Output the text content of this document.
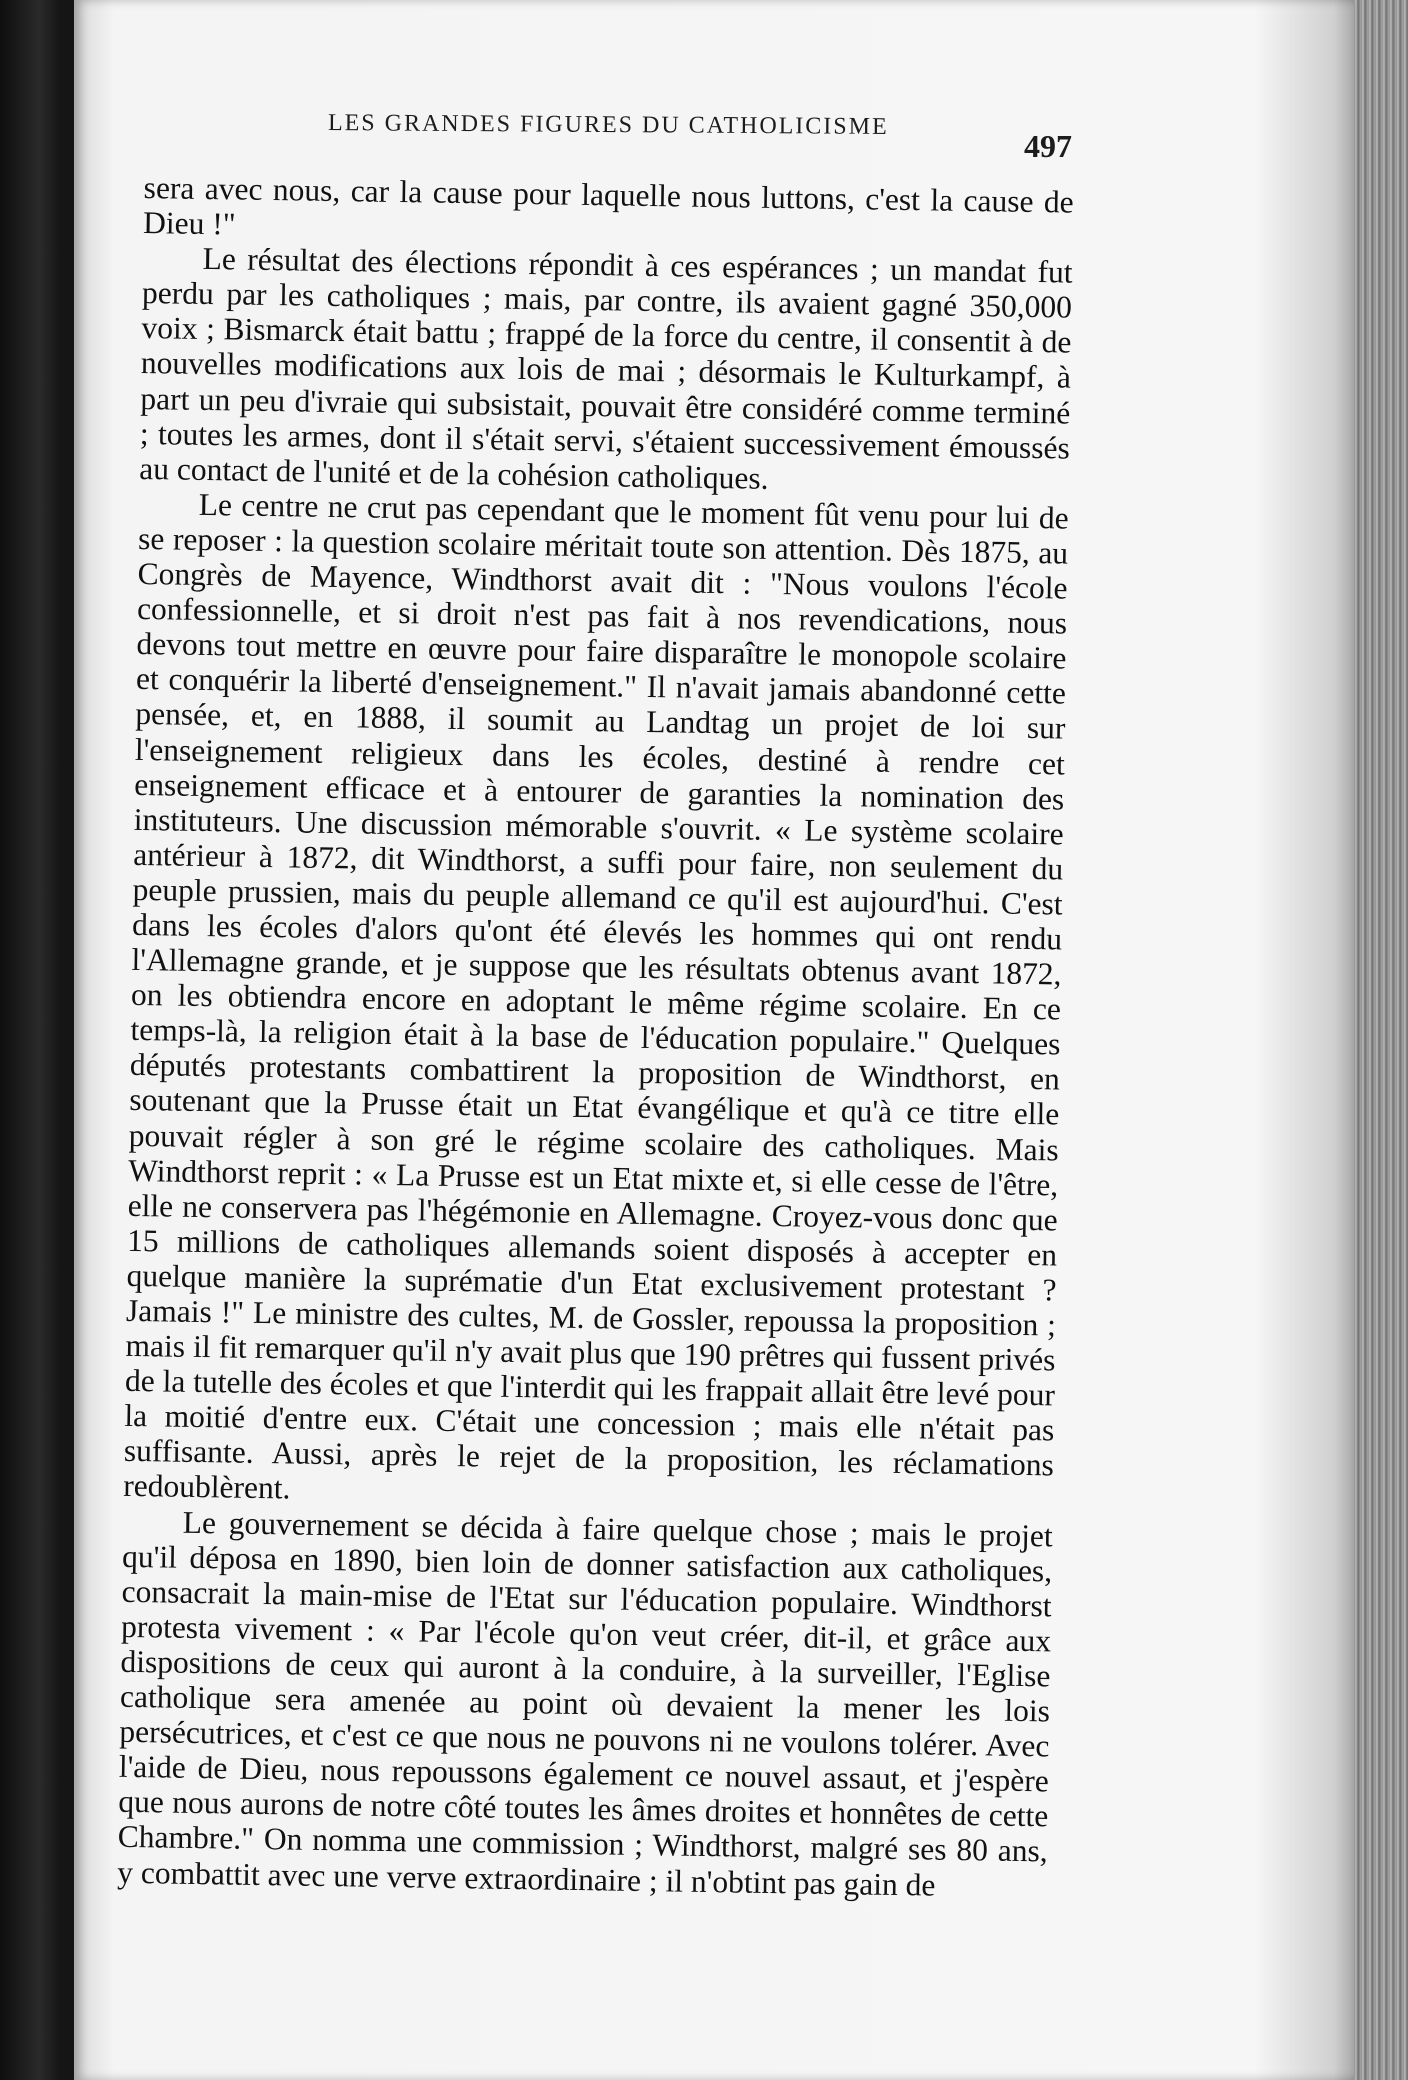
LES GRANDES FIGURES DU CATHOLICISME
497

sera avec nous, car la cause pour laquelle nous luttons, c'est la cause de Dieu !"

Le résultat des élections répondit à ces espérances ; un mandat fut perdu par les catholiques ; mais, par contre, ils avaient gagné 350,000 voix ; Bismarck était battu ; frappé de la force du centre, il consentit à de nouvelles modifications aux lois de mai ; désormais le Kulturkampf, à part un peu d'ivraie qui subsistait, pouvait être considéré comme terminé ; toutes les armes, dont il s'était servi, s'étaient successivement émoussés au contact de l'unité et de la cohésion catholiques.

Le centre ne crut pas cependant que le moment fût venu pour lui de se reposer : la question scolaire méritait toute son attention. Dès 1875, au Congrès de Mayence, Windthorst avait dit : "Nous voulons l'école confessionnelle, et si droit n'est pas fait à nos revendications, nous devons tout mettre en œuvre pour faire disparaître le monopole scolaire et conquérir la liberté d'enseignement." Il n'avait jamais abandonné cette pensée, et, en 1888, il soumit au Landtag un projet de loi sur l'enseignement religieux dans les écoles, destiné à rendre cet enseignement efficace et à entourer de garanties la nomination des instituteurs. Une discussion mémorable s'ouvrit. « Le système scolaire antérieur à 1872, dit Windthorst, a suffi pour faire, non seulement du peuple prussien, mais du peuple allemand ce qu'il est aujourd'hui. C'est dans les écoles d'alors qu'ont été élevés les hommes qui ont rendu l'Allemagne grande, et je suppose que les résultats obtenus avant 1872, on les obtiendra encore en adoptant le même régime scolaire. En ce temps-là, la religion était à la base de l'éducation populaire." Quelques députés protestants combattirent la proposition de Windthorst, en soutenant que la Prusse était un Etat évangélique et qu'à ce titre elle pouvait régler à son gré le régime scolaire des catholiques. Mais Windthorst reprit : « La Prusse est un Etat mixte et, si elle cesse de l'être, elle ne conservera pas l'hégémonie en Allemagne. Croyez-vous donc que 15 millions de catholiques allemands soient disposés à accepter en quelque manière la suprématie d'un Etat exclusivement protestant ? Jamais !" Le ministre des cultes, M. de Gossler, repoussa la proposition ; mais il fit remarquer qu'il n'y avait plus que 190 prêtres qui fussent privés de la tutelle des écoles et que l'interdit qui les frappait allait être levé pour la moitié d'entre eux. C'était une concession ; mais elle n'était pas suffisante. Aussi, après le rejet de la proposition, les réclamations redoublèrent.

Le gouvernement se décida à faire quelque chose ; mais le projet qu'il déposa en 1890, bien loin de donner satisfaction aux catholiques, consacrait la main-mise de l'Etat sur l'éducation populaire. Windthorst protesta vivement : « Par l'école qu'on veut créer, dit-il, et grâce aux dispositions de ceux qui auront à la conduire, à la surveiller, l'Eglise catholique sera amenée au point où devaient la mener les lois persécutrices, et c'est ce que nous ne pouvons ni ne voulons tolérer. Avec l'aide de Dieu, nous repoussons également ce nouvel assaut, et j'espère que nous aurons de notre côté toutes les âmes droites et honnêtes de cette Chambre." On nomma une commission ; Windthorst, malgré ses 80 ans, y combattit avec une verve extraordinaire ; il n'obtint pas gain de
